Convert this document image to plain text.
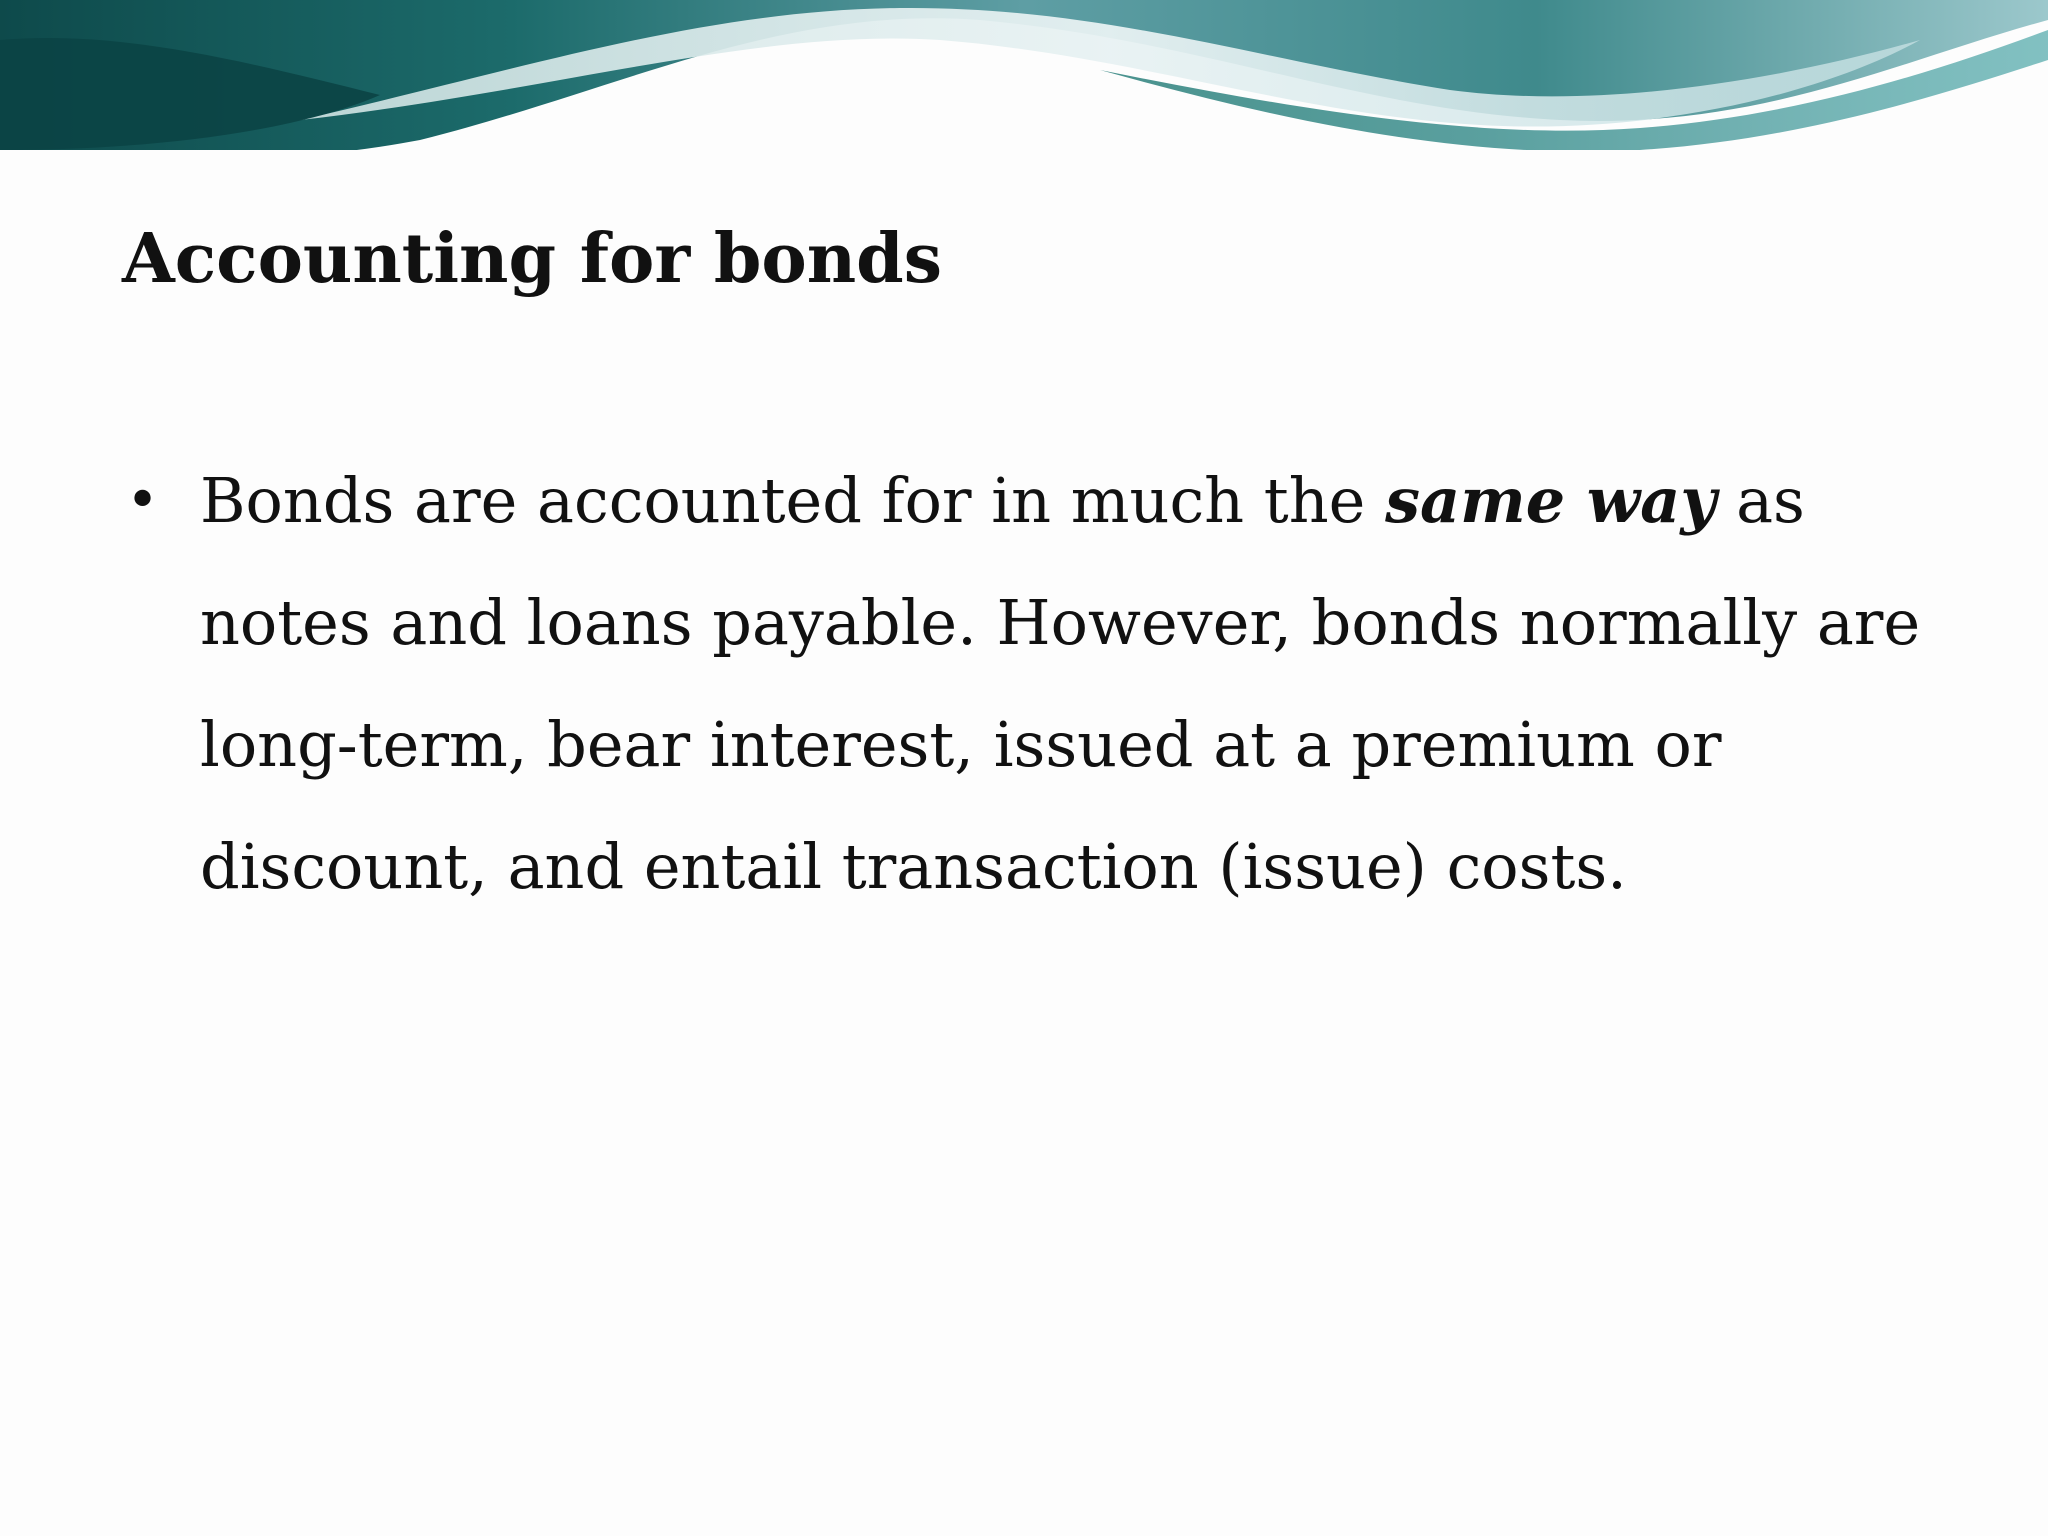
Accounting for bonds
• Bonds are accounted for in much the same way as
notes and loans payable. However, bonds normally are
long-term, bear interest, issued at a premium or
discount, and entail transaction (issue) costs.
